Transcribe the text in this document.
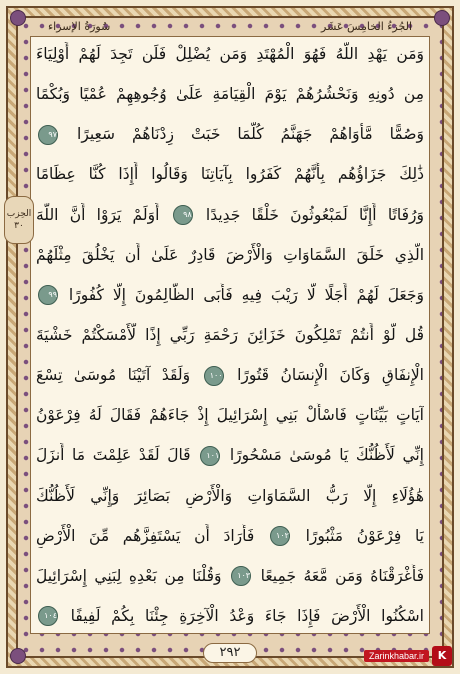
الجُزءُ الخامِسَ عَشَر
سُورَةُ الإسراء
الحِزب
٣٠
وَمَن يَهْدِ اللَّهُ فَهُوَ الْمُهْتَدِ وَمَن يُضْلِلْ فَلَن تَجِدَ لَهُمْ أَوْلِيَاءَ
مِن دُونِهِ وَنَحْشُرُهُمْ يَوْمَ الْقِيَامَةِ عَلَىٰ وُجُوهِهِمْ عُمْيًا وَبُكْمًا
وَصُمًّا مَّأْوَاهُمْ جَهَنَّمُ كُلَّمَا خَبَتْ زِدْنَاهُمْ سَعِيرًا ٩٧
ذَٰلِكَ جَزَاؤُهُم بِأَنَّهُمْ كَفَرُوا بِآيَاتِنَا وَقَالُوا أَإِذَا كُنَّا عِظَامًا
وَرُفَاتًا أَإِنَّا لَمَبْعُوثُونَ خَلْقًا جَدِيدًا ٩٨ أَوَلَمْ يَرَوْا أَنَّ اللَّهَ
الَّذِي خَلَقَ السَّمَاوَاتِ وَالْأَرْضَ قَادِرٌ عَلَىٰ أَن يَخْلُقَ مِثْلَهُمْ
وَجَعَلَ لَهُمْ أَجَلًا لَّا رَيْبَ فِيهِ فَأَبَى الظَّالِمُونَ إِلَّا كُفُورًا ٩٩
قُل لَّوْ أَنتُمْ تَمْلِكُونَ خَزَائِنَ رَحْمَةِ رَبِّي إِذًا لَّأَمْسَكْتُمْ خَشْيَةَ
الْإِنفَاقِ وَكَانَ الْإِنسَانُ قَتُورًا ١٠٠ وَلَقَدْ آتَيْنَا مُوسَىٰ تِسْعَ
آيَاتٍ بَيِّنَاتٍ فَاسْأَلْ بَنِي إِسْرَائِيلَ إِذْ جَاءَهُمْ فَقَالَ لَهُ فِرْعَوْنُ
إِنِّي لَأَظُنُّكَ يَا مُوسَىٰ مَسْحُورًا ١٠١ قَالَ لَقَدْ عَلِمْتَ مَا أَنزَلَ
هَٰؤُلَاءِ إِلَّا رَبُّ السَّمَاوَاتِ وَالْأَرْضِ بَصَائِرَ وَإِنِّي لَأَظُنُّكَ
يَا فِرْعَوْنُ مَثْبُورًا ١٠٢ فَأَرَادَ أَن يَسْتَفِزَّهُم مِّنَ الْأَرْضِ
فَأَغْرَقْنَاهُ وَمَن مَّعَهُ جَمِيعًا ١٠٣ وَقُلْنَا مِن بَعْدِهِ لِبَنِي إِسْرَائِيلَ
اسْكُنُوا الْأَرْضَ فَإِذَا جَاءَ وَعْدُ الْآخِرَةِ جِئْنَا بِكُمْ لَفِيفًا ١٠٤
٢٩٢	Zarinkhabar.ir	K
